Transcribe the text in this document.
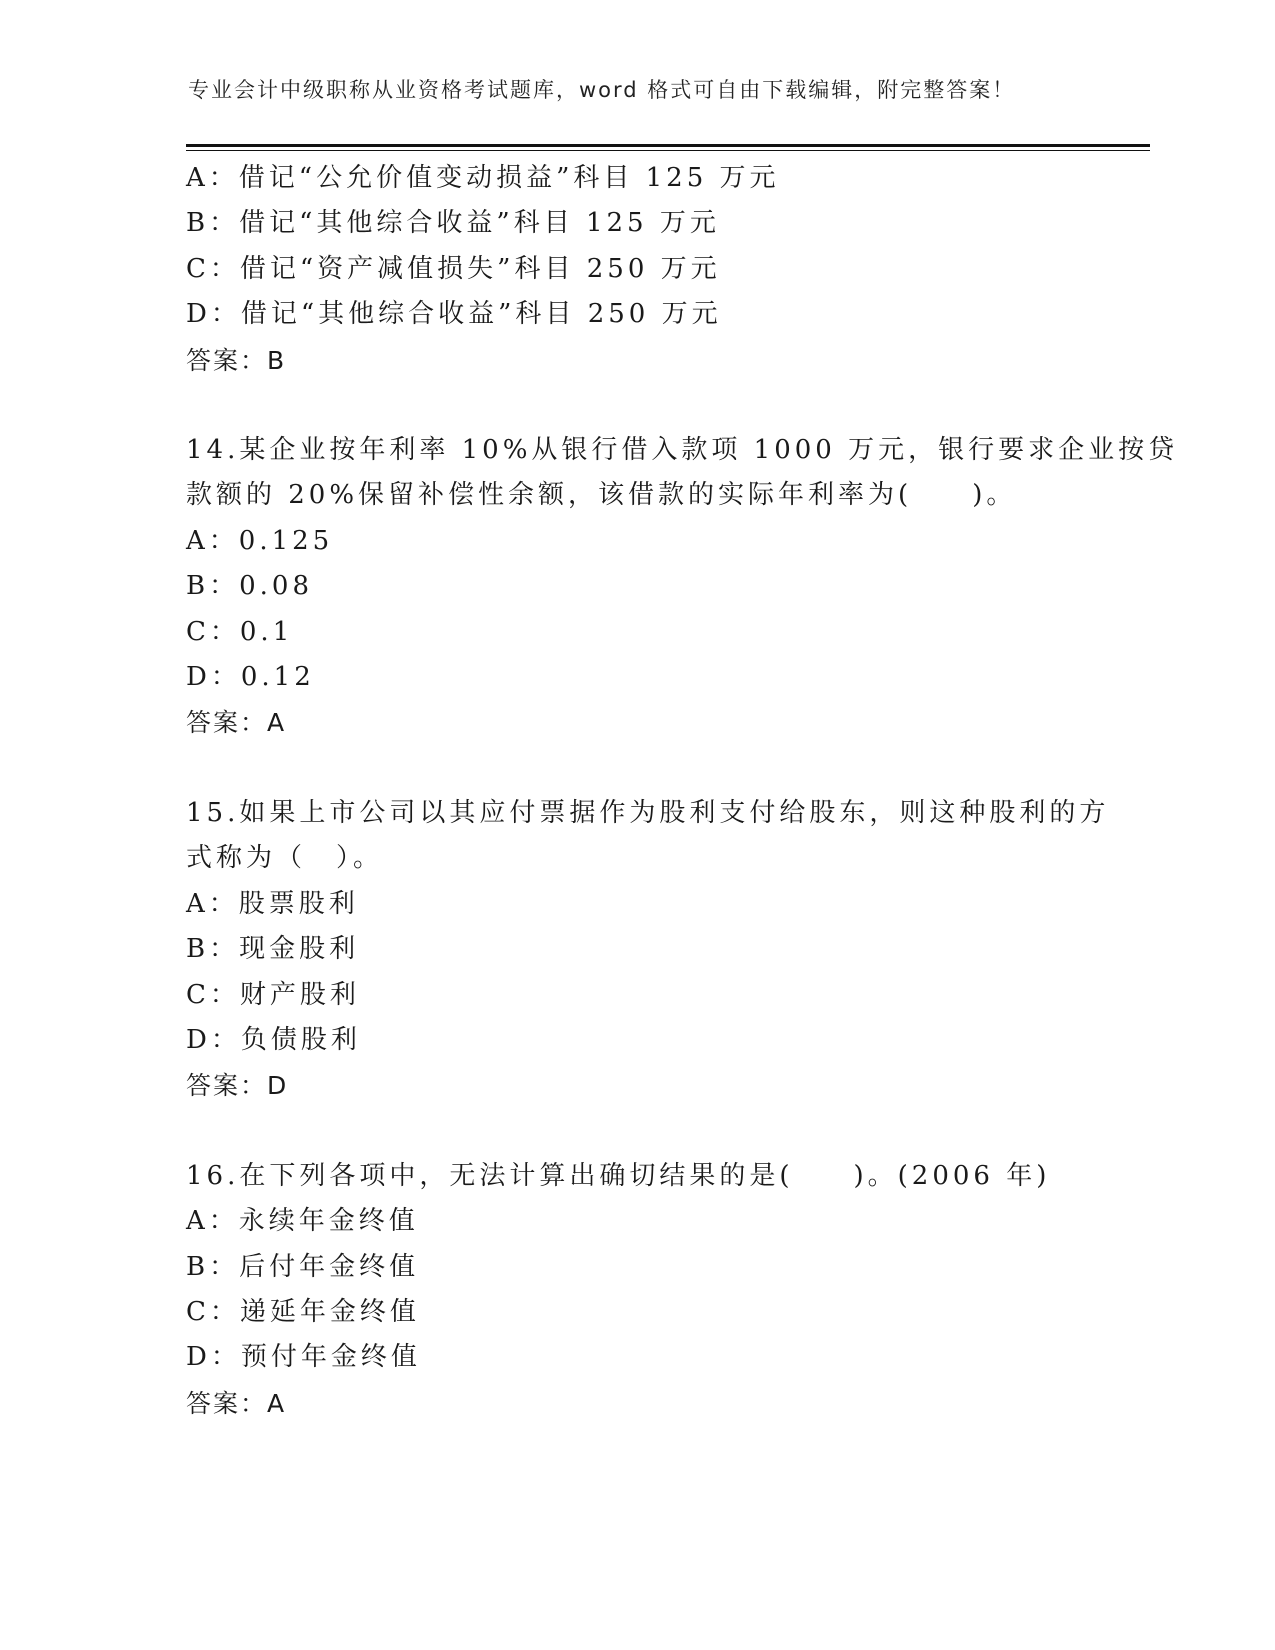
专业会计中级职称从业资格考试题库，word 格式可自由下载编辑，附完整答案！
A：借记“公允价值变动损益”科目 125 万元
B：借记“其他综合收益”科目 125 万元
C：借记“资产减值损失”科目 250 万元
D：借记“其他综合收益”科目 250 万元
答案：B
14.某企业按年利率 10%从银行借入款项 1000 万元，银行要求企业按贷
款额的 20%保留补偿性余额，该借款的实际年利率为(　　)。
A：0.125
B：0.08
C：0.1
D：0.12
答案：A
15.如果上市公司以其应付票据作为股利支付给股东，则这种股利的方
式称为（　）。
A：股票股利
B：现金股利
C：财产股利
D：负债股利
答案：D
16.在下列各项中，无法计算出确切结果的是(　　)。(2006 年)
A：永续年金终值
B：后付年金终值
C：递延年金终值
D：预付年金终值
答案：A
